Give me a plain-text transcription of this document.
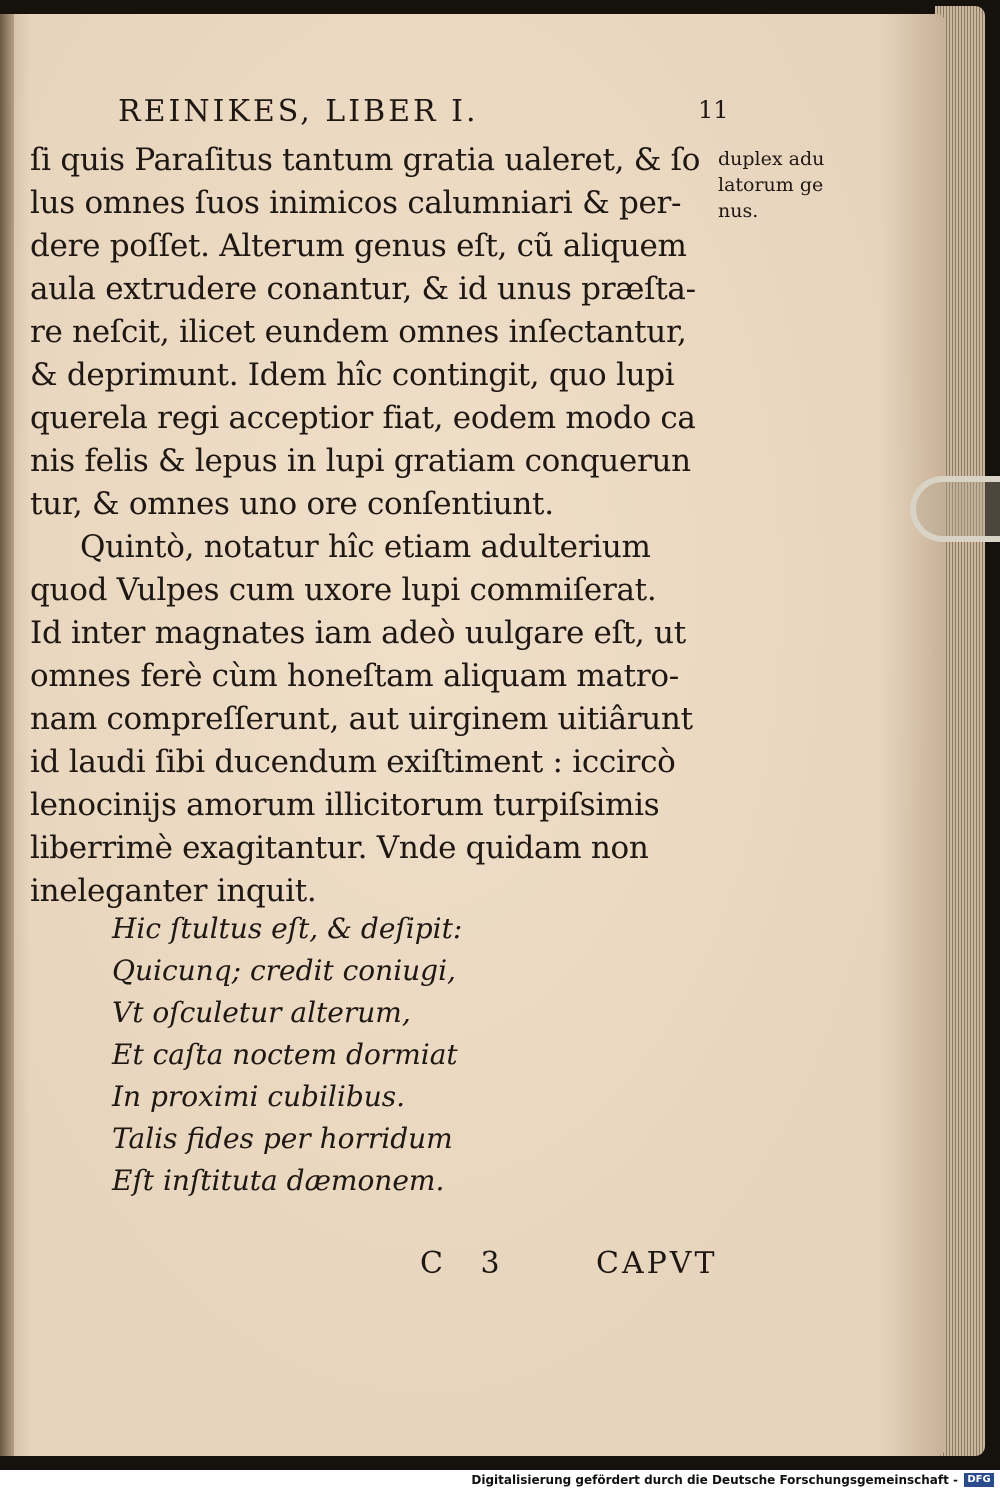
REINIKES, LIBER I.	11
ſi quis Paraſitus tantum gratia ualeret, & ſo
lus omnes ſuos inimicos calumniari & per-
dere poſſet. Alterum genus eſt, cũ aliquem
aula extrudere conantur, & id unus præſta-
re neſcit, ilicet eundem omnes inſectantur,
& deprimunt. Idem hîc contingit, quo lupi
querela regi acceptior fiat, eodem modo ca
nis felis & lepus in lupi gratiam conquerun
tur, & omnes uno ore conſentiunt.
Quintò, notatur hîc etiam adulterium
quod Vulpes cum uxore lupi commiſerat.
Id inter magnates iam adeò uulgare eſt, ut
omnes ferè cùm honeſtam aliquam matro-
nam compreſſerunt, aut uirginem uitiârunt
id laudi ſibi ducendum exiſtiment : iccircò
lenocinijs amorum illicitorum turpiſsimis
liberrimè exagitantur. Vnde quidam non
ineleganter inquit.
duplex adu
latorum ge
nus.
Hic ſtultus eſt, & deſipit:
Quicunq; credit coniugi,
Vt oſculetur alterum,
Et caſta noctem dormiat
In proximi cubilibus.
Talis fides per horridum
Eſt inſtituta dæmonem.
C 3	CAPVT
Digitalisierung gefördert durch die Deutsche Forschungsgemeinschaft - DFG
